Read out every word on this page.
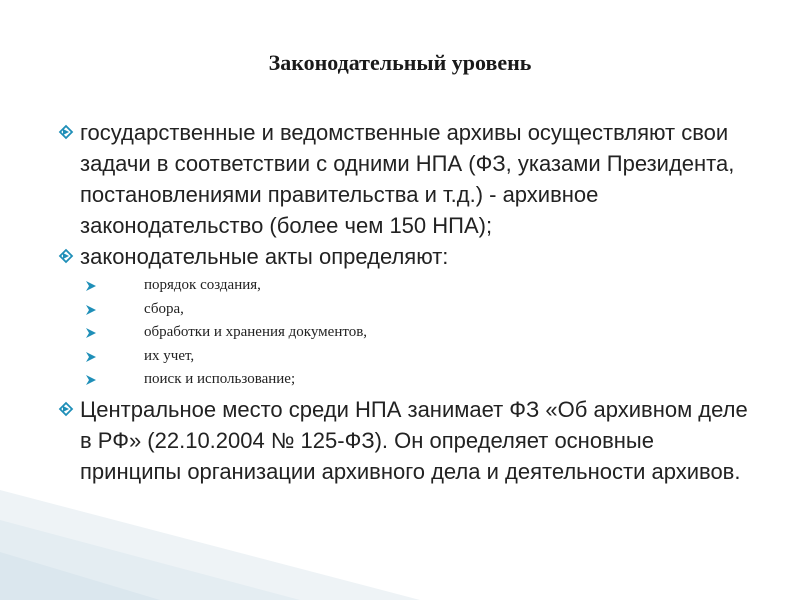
Законодательный уровень
государственные и ведомственные архивы осуществляют свои задачи в соответствии с одними НПА (ФЗ, указами Президента, постановлениями правительства и т.д.) - архивное законодательство (более чем 150 НПА);
законодательные акты определяют:
порядок создания,
сбора,
обработки и хранения документов,
их учет,
поиск и использование;
Центральное место среди НПА занимает ФЗ «Об архивном деле в РФ» (22.10.2004 № 125-ФЗ). Он определяет основные принципы организации архивного дела и деятельности архивов.
